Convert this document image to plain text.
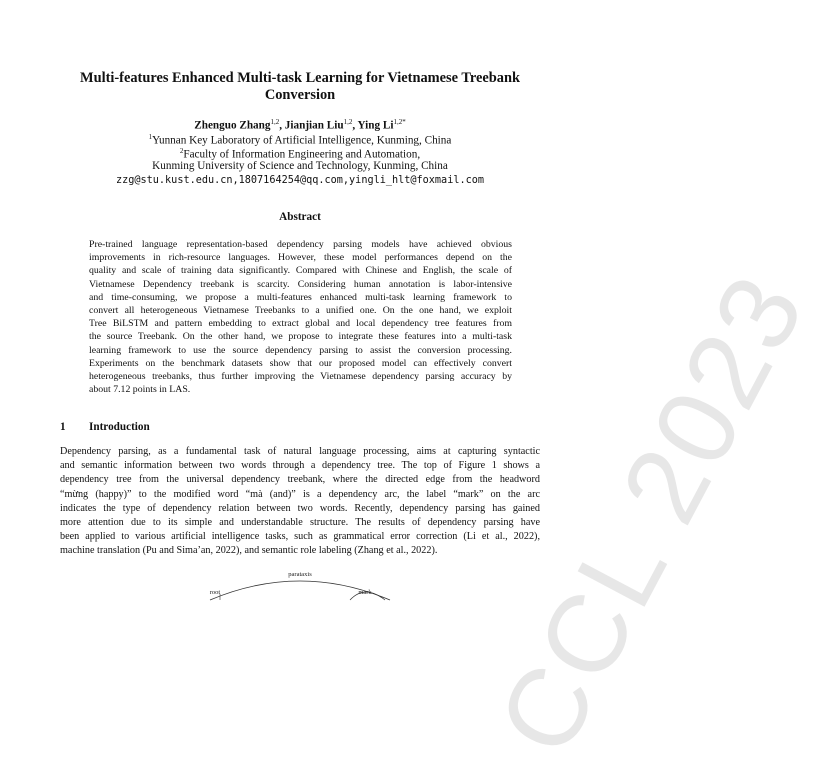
CCL 2023
Multi-features Enhanced Multi-task Learning for Vietnamese Treebank
Conversion
Zhenguo Zhang$^{1,2}$, Jianjian Liu$^{1,2}$, Ying $Li^{1,2*}$
$^1$Yunnan Key Laboratory of Artificial Intelligence, Kunming, China
$^2$Faculty of Information Engineering and Automation,
Kunming University of Science and Technology, Kunming, China
zzg@stu.kust.edu.cn,1807164254@qq.com,yingli_hlt@foxmail.com
Abstract
Pre-trained language representation-based dependency parsing models have achieved obvious
improvements in rich-resource languages. However, these model performances depend on the
quality and scale of training data significantly. Compared with Chinese and English, the scale of
Vietnamese Dependency treebank is scarcity. Considering human annotation is labor-intensive
and time-consuming, we propose a multi-features enhanced multi-task learning framework to
convert all heterogeneous Vietnamese Treebanks to a unified one. On the one hand, we exploit
Tree BiLSTM and pattern embedding to extract global and local dependency tree features from
the source Treebank. On the other hand, we propose to integrate these features into a multi-task
learning framework to use the source dependency parsing to assist the conversion processing.
Experiments on the benchmark datasets show that our proposed model can effectively convert
heterogeneous treebanks, thus further improving the Vietnamese dependency parsing accuracy by
about 7.12 points in LAS.
1 Introduction
Dependency parsing, as a fundamental task of natural language processing, aims at capturing syntactic
and semantic information between two words through a dependency tree. The top of Figure 1 shows a
dependency tree from the universal dependency treebank, where the directed edge from the headword
“mừng (happy)” to the modified word “mà (and)” is a dependency arc, the label “mark” on the arc
indicates the type of dependency relation between two words. Recently, dependency parsing has gained
more attention due to its simple and understandable structure. The results of dependency parsing have
been applied to various artificial intelligence tasks, such as grammatical error correction (Li et al., 2022),
machine translation (Pu and Sima’an, 2022), and semantic role labeling (Zhang et al., 2022).
parataxis
root	mark
